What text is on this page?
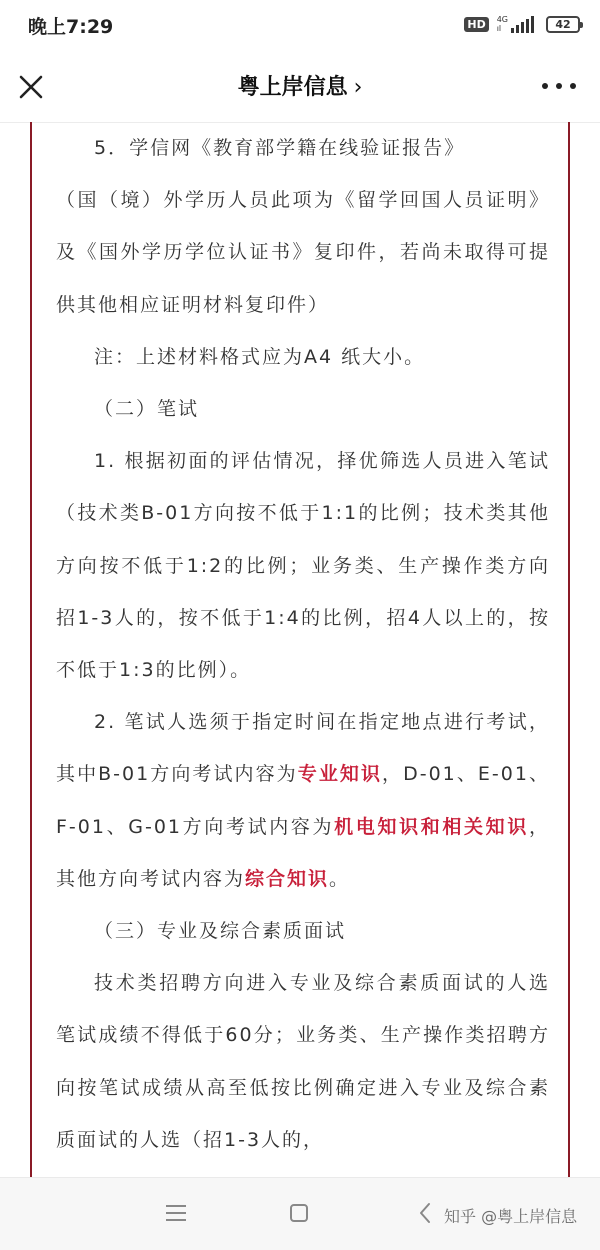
晚上7:29	HD	4G
ıl	42
粤上岸信息 ›

5．学信网《教育部学籍在线验证报告》

（国（境）外学历人员此项为《留学回国人员证明》及《国外学历学位认证书》复印件，若尚未取得可提供其他相应证明材料复印件）

注：上述材料格式应为A4 纸大小。

（二）笔试

1. 根据初面的评估情况，择优筛选人员进入笔试（技术类B-01方向按不低于1:1的比例；技术类其他方向按不低于1:2的比例；业务类、生产操作类方向招1-3人的，按不低于1:4的比例，招4人以上的，按不低于1:3的比例）。

2. 笔试人选须于指定时间在指定地点进行考试，其中B-01方向考试内容为专业知识，D-01、E-01、F-01、G-01方向考试内容为机电知识和相关知识，其他方向考试内容为综合知识。

（三）专业及综合素质面试

技术类招聘方向进入专业及综合素质面试的人选笔试成绩不得低于60分；业务类、生产操作类招聘方向按笔试成绩从高至低按比例确定进入专业及综合素质面试的人选（招1-3人的，

知乎 @粤上岸信息
